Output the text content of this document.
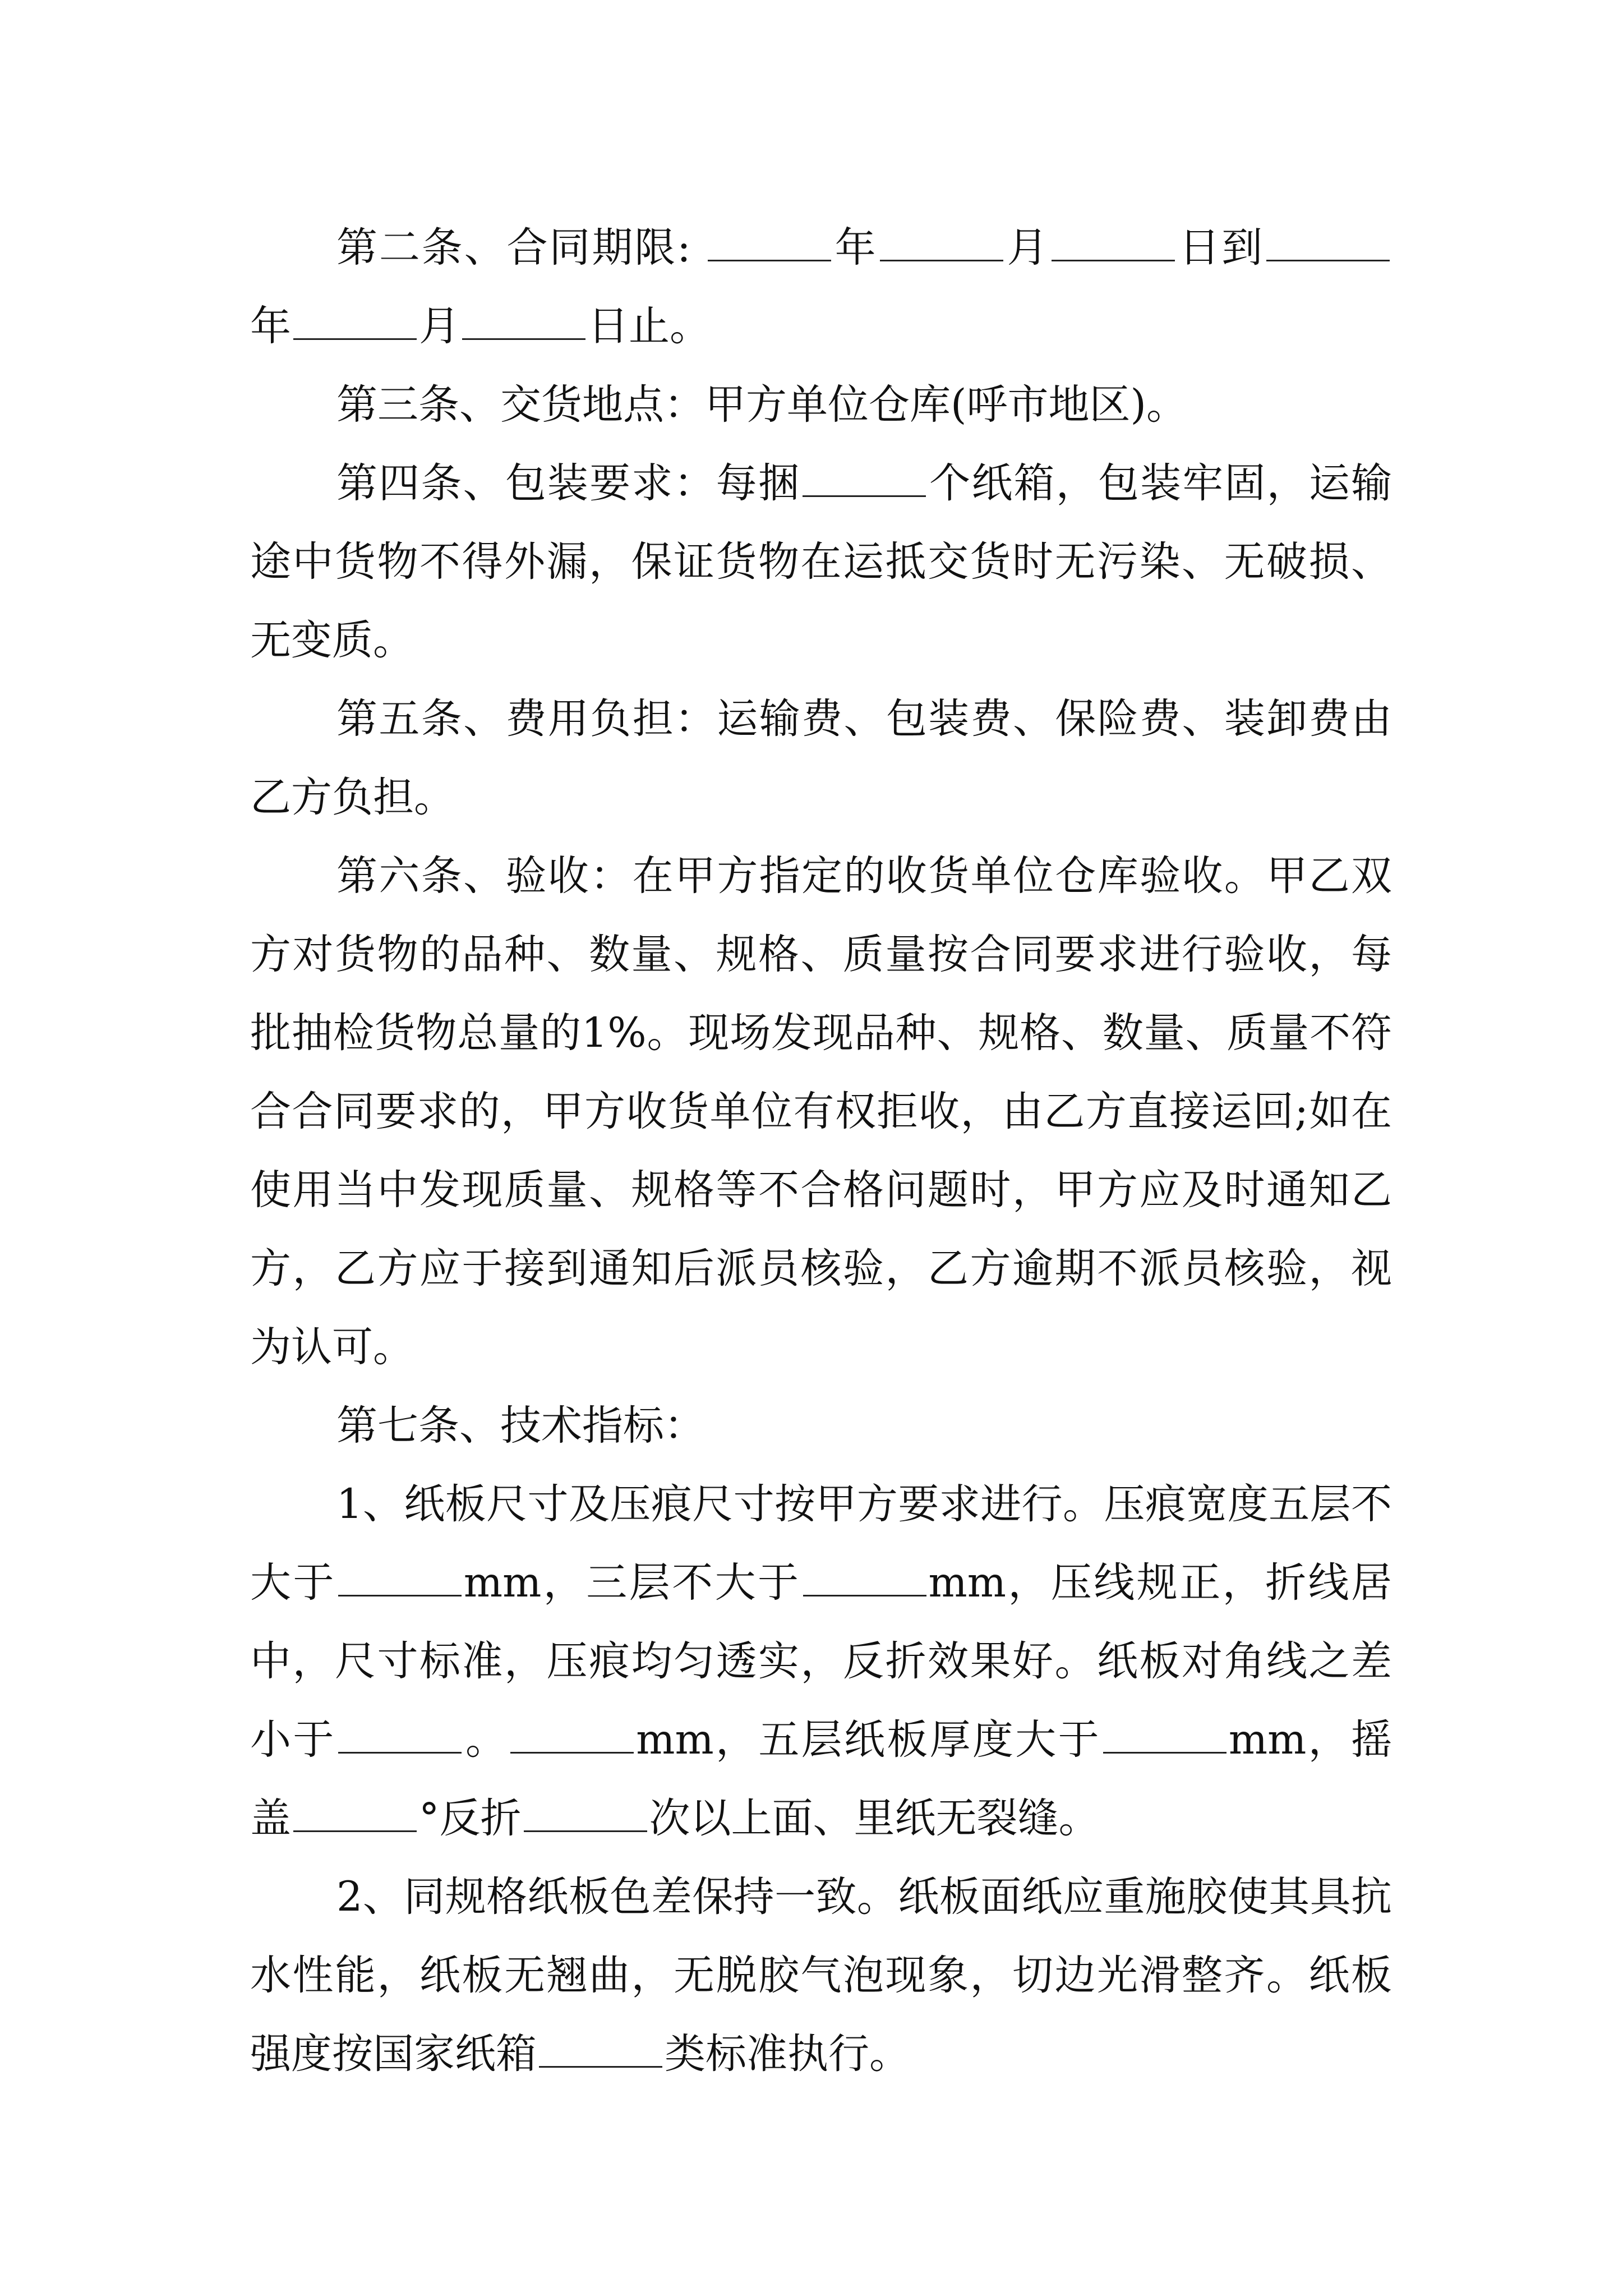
第二条、合同期限:	年	月	日到年	月	日止。

第三条、交货地点：甲方单位仓库(呼市地区)。

第四条、包装要求：每捆	个纸箱，包装牢固，运输途中货物不得外漏，保证货物在运抵交货时无污染、无破损、无变质。

第五条、费用负担：运输费、包装费、保险费、装卸费由乙方负担。

第六条、验收：在甲方指定的收货单位仓库验收。甲乙双方对货物的品种、数量、规格、质量按合同要求进行验收，每批抽检货物总量的1%。现场发现品种、规格、数量、质量不符合合同要求的，甲方收货单位有权拒收，由乙方直接运回;如在使用当中发现质量、规格等不合格问题时，甲方应及时通知乙方，乙方应于接到通知后派员核验，乙方逾期不派员核验，视为认可。

第七条、技术指标：

1、纸板尺寸及压痕尺寸按甲方要求进行。压痕宽度五层不大于	mm，三层不大于	mm，压线规正，折线居中，尺寸标准，压痕均匀透实，反折效果好。纸板对角线之差小于	。	mm，五层纸板厚度大于	mm，摇盖	°反折	次以上面、里纸无裂缝。

2、同规格纸板色差保持一致。纸板面纸应重施胶使其具抗水性能，纸板无翘曲，无脱胶气泡现象，切边光滑整齐。纸板强度按国家纸箱	类标准执行。
